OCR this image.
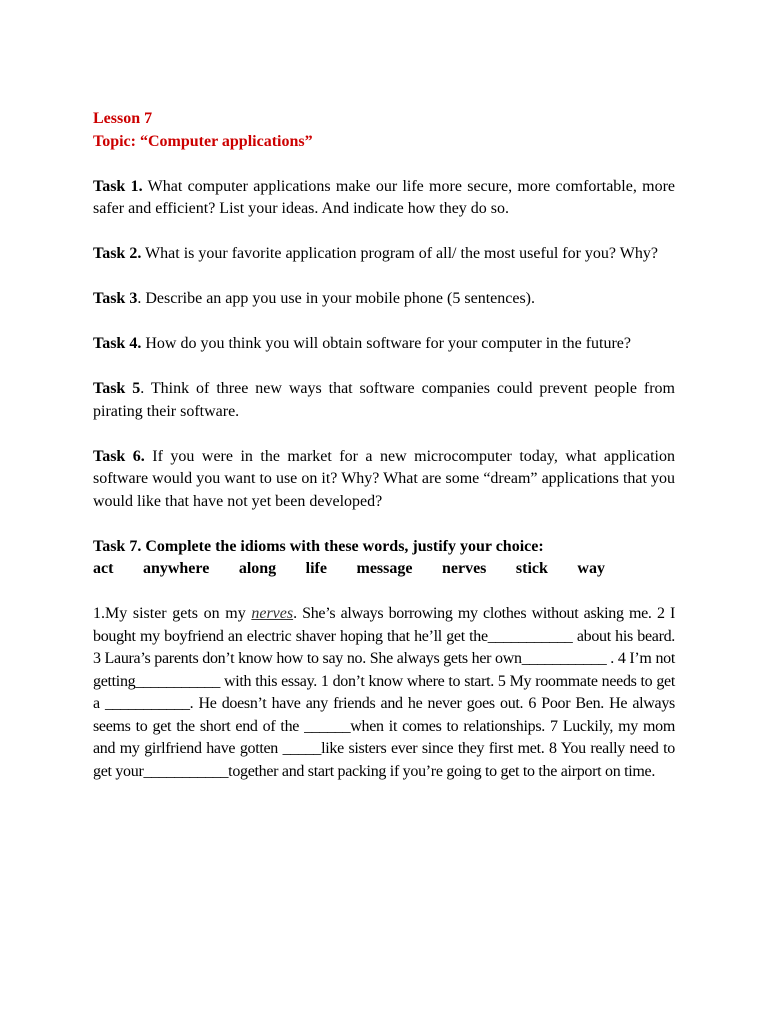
Lesson 7
Topic: “Computer applications”
Task 1. What computer applications make our life more secure, more comfortable, more safer and efficient? List your ideas. And indicate how they do so.
Task 2. What is your favorite application program of all/ the most useful for you? Why?
Task 3. Describe an app you use in your mobile phone (5 sentences).
Task 4. How do you think you will obtain software for your computer in the future?
Task 5. Think of three new ways that software companies could prevent people from pirating their software.
Task 6. If you were in the market for a new microcomputer today, what application software would you want to use on it? Why? What are some “dream” applications that you would like that have not yet been developed?
Task 7. Complete the idioms with these words, justify your choice:
act anywhere along life message nerves stick way
1.My sister gets on my nerves. She’s always borrowing my clothes without asking me. 2 I bought my boyfriend an electric shaver hoping that he’ll get the___________ about his beard. 3 Laura’s parents don’t know how to say no. She always gets her own___________ . 4 I’m not getting___________ with this essay. 1 don’t know where to start. 5 My roommate needs to get a ___________. He doesn’t have any friends and he never goes out. 6 Poor Ben. He always seems to get the short end of the ______when it comes to relationships. 7 Luckily, my mom and my girlfriend have gotten _____like sisters ever since they first met. 8 You really need to get your___________together and start packing if you’re going to get to the airport on time.
